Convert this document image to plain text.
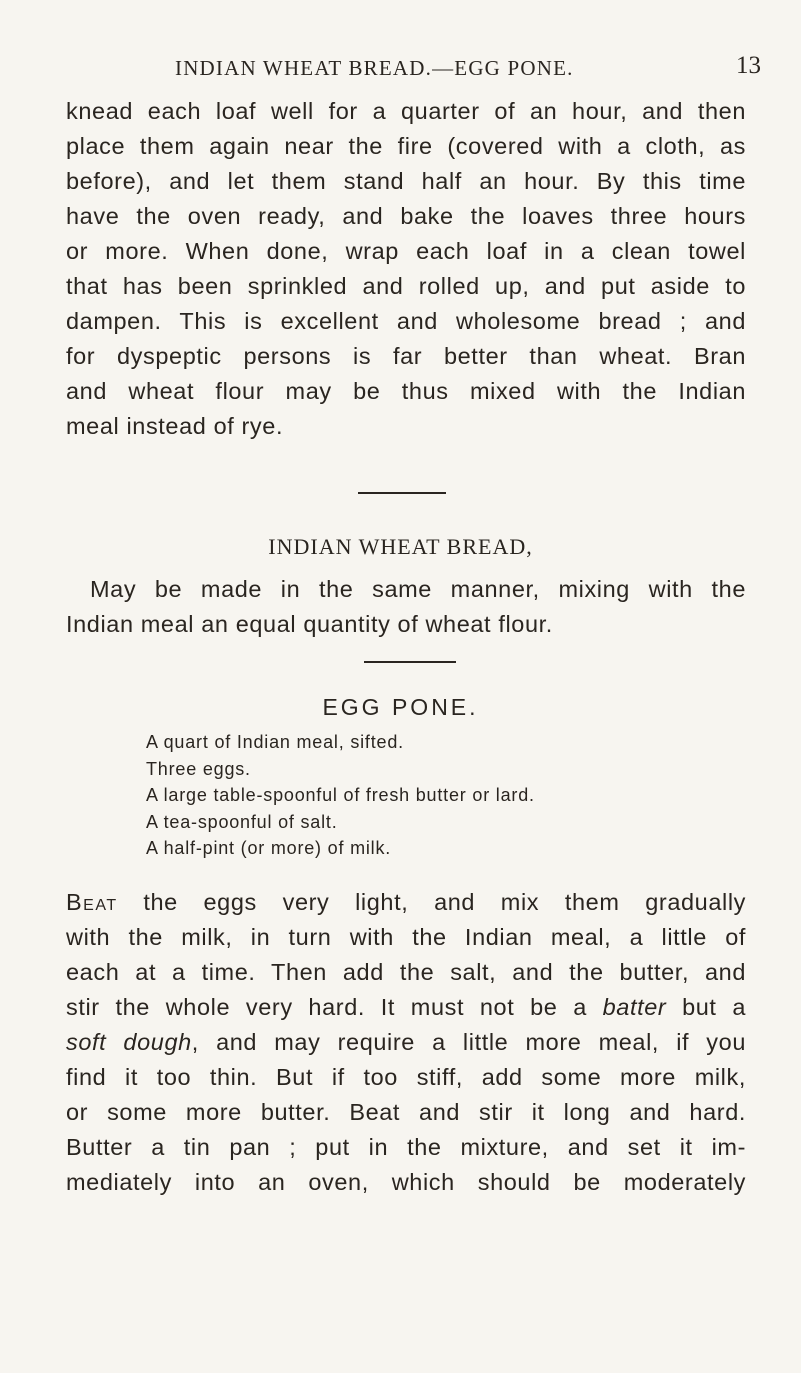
INDIAN WHEAT BREAD.—EGG PONE.	13
knead each loaf well for a quarter of an hour, and then
place them again near the fire (covered with a cloth, as
before), and let them stand half an hour. By this time
have the oven ready, and bake the loaves three hours
or more. When done, wrap each loaf in a clean towel
that has been sprinkled and rolled up, and put aside to
dampen. This is excellent and wholesome bread ; and
for dyspeptic persons is far better than wheat. Bran
and wheat flour may be thus mixed with the Indian
meal instead of rye.
INDIAN WHEAT BREAD,
May be made in the same manner, mixing with the
Indian meal an equal quantity of wheat flour.
EGG PONE.
A quart of Indian meal, sifted.
Three eggs.
A large table-spoonful of fresh butter or lard.
A tea-spoonful of salt.
A half-pint (or more) of milk.
Beat the eggs very light, and mix them gradually
with the milk, in turn with the Indian meal, a little of
each at a time. Then add the salt, and the butter, and
stir the whole very hard. It must not be a batter but a
soft dough, and may require a little more meal, if you
find it too thin. But if too stiff, add some more milk,
or some more butter. Beat and stir it long and hard.
Butter a tin pan ; put in the mixture, and set it im-
mediately into an oven, which should be moderately
